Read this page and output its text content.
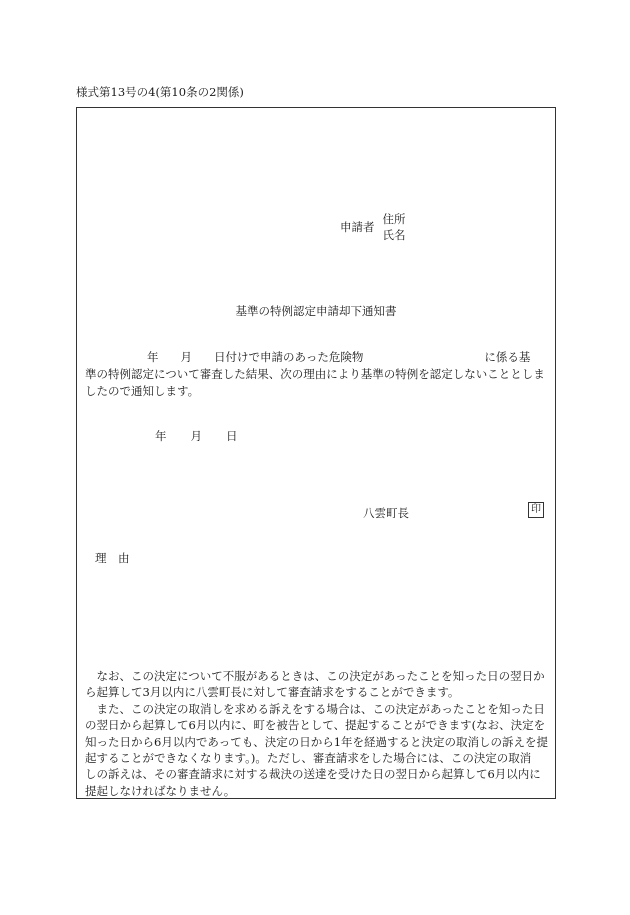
様式第13号の4(第10条の2関係)
申請者
住所
氏名
基準の特例認定申請却下通知書
年 月 日付けで申請のあった危険物	に係る基
準の特例認定について審査した結果、次の理由により基準の特例を認定しないこととしま
したので通知します。
年 月 日
八雲町長	印
理　由

　なお、この決定について不服があるときは、この決定があったことを知った日の翌日か

ら起算して3月以内に八雲町長に対して審査請求をすることができます。

　また、この決定の取消しを求める訴えをする場合は、この決定があったことを知った日

の翌日から起算して6月以内に、町を被告として、提起することができます(なお、決定を

知った日から6月以内であっても、決定の日から1年を経過すると決定の取消しの訴えを提

起することができなくなります。)。ただし、審査請求をした場合には、この決定の取消

しの訴えは、その審査請求に対する裁決の送達を受けた日の翌日から起算して6月以内に

提起しなければなりません。
